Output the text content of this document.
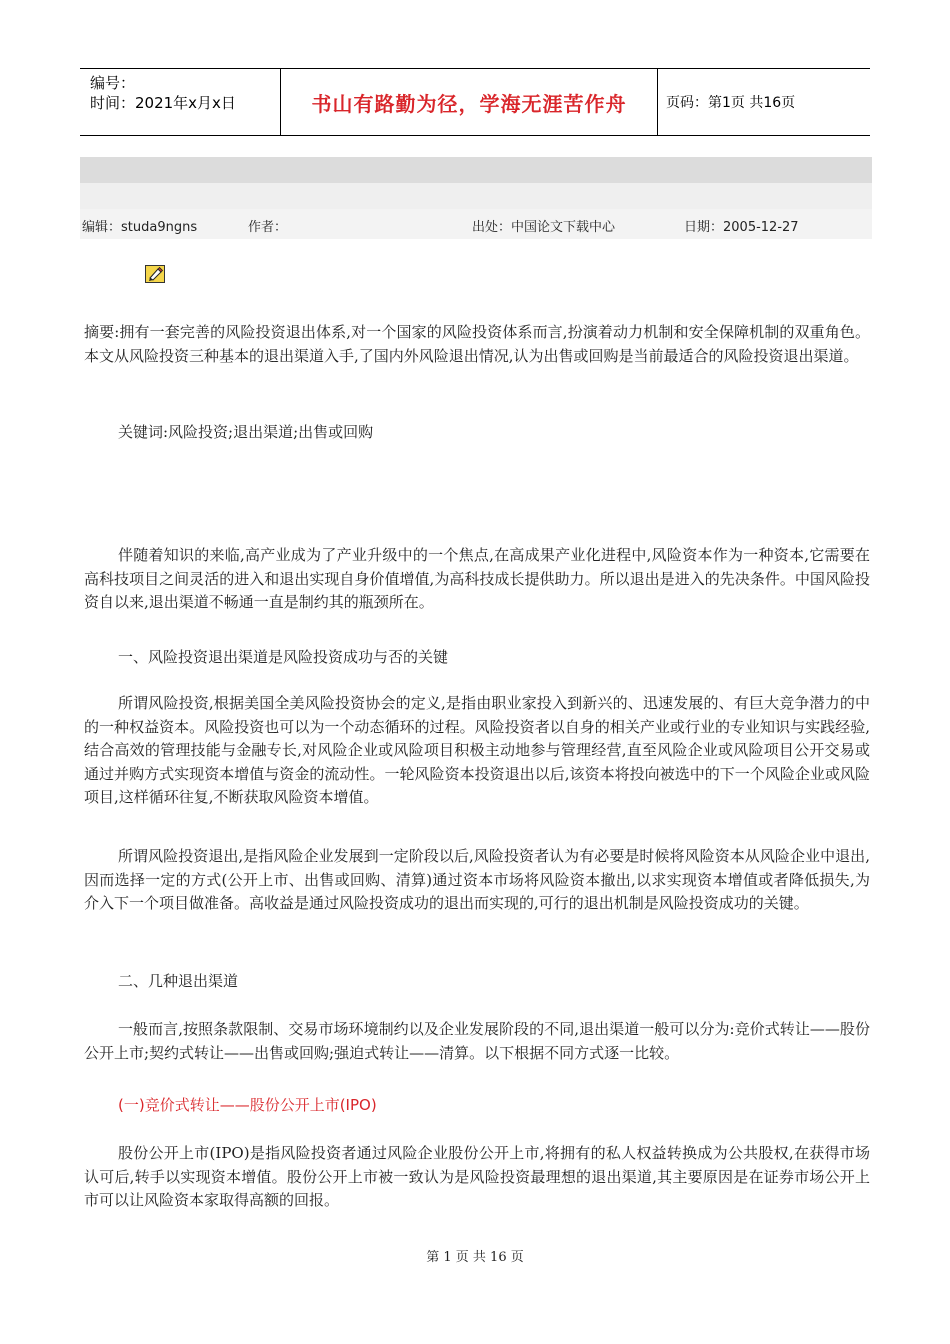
编号：
时间：2021年x月x日	书山有路勤为径，学海无涯苦作舟	页码：第1页 共16页
编辑：studa9ngns	作者：	出处：中国论文下载中心	日期：2005-12-27
摘要:拥有一套完善的风险投资退出体系,对一个国家的风险投资体系而言,扮演着动力机制和安全保障机制的双重角色。本文从风险投资三种基本的退出渠道入手,了国内外风险退出情况,认为出售或回购是当前最适合的风险投资退出渠道。
关键词:风险投资;退出渠道;出售或回购
伴随着知识的来临,高产业成为了产业升级中的一个焦点,在高成果产业化进程中,风险资本作为一种资本,它需要在高科技项目之间灵活的进入和退出实现自身价值增值,为高科技成长提供助力。所以退出是进入的先决条件。中国风险投资自以来,退出渠道不畅通一直是制约其的瓶颈所在。
一、风险投资退出渠道是风险投资成功与否的关键
所谓风险投资,根据美国全美风险投资协会的定义,是指由职业家投入到新兴的、迅速发展的、有巨大竞争潜力的中的一种权益资本。风险投资也可以为一个动态循环的过程。风险投资者以自身的相关产业或行业的专业知识与实践经验,结合高效的管理技能与金融专长,对风险企业或风险项目积极主动地参与管理经营,直至风险企业或风险项目公开交易或通过并购方式实现资本增值与资金的流动性。一轮风险资本投资退出以后,该资本将投向被选中的下一个风险企业或风险项目,这样循环往复,不断获取风险资本增值。
所谓风险投资退出,是指风险企业发展到一定阶段以后,风险投资者认为有必要是时候将风险资本从风险企业中退出,因而选择一定的方式(公开上市、出售或回购、清算)通过资本市场将风险资本撤出,以求实现资本增值或者降低损失,为介入下一个项目做准备。高收益是通过风险投资成功的退出而实现的,可行的退出机制是风险投资成功的关键。
二、几种退出渠道
一般而言,按照条款限制、交易市场环境制约以及企业发展阶段的不同,退出渠道一般可以分为:竞价式转让——股份公开上市;契约式转让——出售或回购;强迫式转让——清算。以下根据不同方式逐一比较。
(一)竞价式转让——股份公开上市(IPO)
股份公开上市(IPO)是指风险投资者通过风险企业股份公开上市,将拥有的私人权益转换成为公共股权,在获得市场认可后,转手以实现资本增值。股份公开上市被一致认为是风险投资最理想的退出渠道,其主要原因是在证券市场公开上市可以让风险资本家取得高额的回报。
第 1 页 共 16 页
